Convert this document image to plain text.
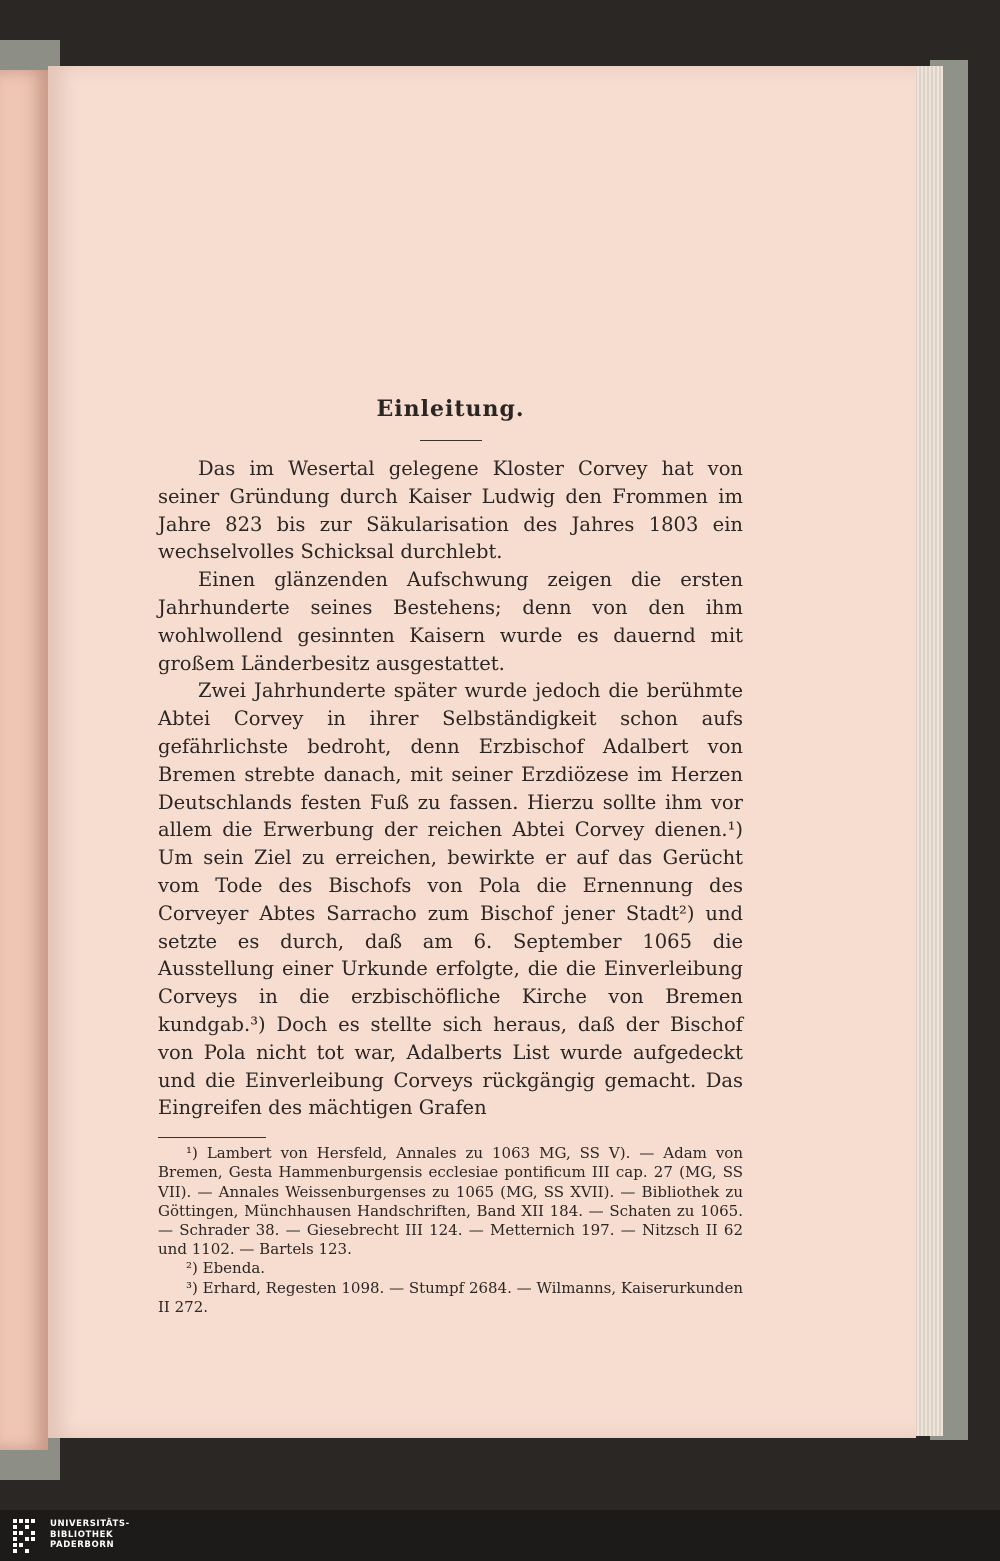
Einleitung.

Das im Wesertal gelegene Kloster Corvey hat von seiner Gründung durch Kaiser Ludwig den Frommen im Jahre 823 bis zur Säkularisation des Jahres 1803 ein wechselvolles Schicksal durchlebt.

Einen glänzenden Aufschwung zeigen die ersten Jahrhunderte seines Bestehens; denn von den ihm wohlwollend gesinnten Kaisern wurde es dauernd mit großem Länderbesitz ausgestattet.

Zwei Jahrhunderte später wurde jedoch die berühmte Abtei Corvey in ihrer Selbständigkeit schon aufs gefährlichste bedroht, denn Erzbischof Adalbert von Bremen strebte danach, mit seiner Erzdiözese im Herzen Deutschlands festen Fuß zu fassen. Hierzu sollte ihm vor allem die Erwerbung der reichen Abtei Corvey dienen.¹) Um sein Ziel zu erreichen, bewirkte er auf das Gerücht vom Tode des Bischofs von Pola die Ernennung des Corveyer Abtes Sarracho zum Bischof jener Stadt²) und setzte es durch, daß am 6. September 1065 die Ausstellung einer Urkunde erfolgte, die die Einverleibung Corveys in die erzbischöfliche Kirche von Bremen kundgab.³) Doch es stellte sich heraus, daß der Bischof von Pola nicht tot war, Adalberts List wurde aufgedeckt und die Einverleibung Corveys rückgängig gemacht. Das Eingreifen des mächtigen Grafen

¹) Lambert von Hersfeld, Annales zu 1063 MG, SS V). — Adam von Bremen, Gesta Hammenburgensis ecclesiae pontificum III cap. 27 (MG, SS VII). — Annales Weissenburgenses zu 1065 (MG, SS XVII). — Bibliothek zu Göttingen, Münchhausen Handschriften, Band XII 184. — Schaten zu 1065. — Schrader 38. — Giesebrecht III 124. — Metternich 197. — Nitzsch II 62 und 1102. — Bartels 123.

²) Ebenda.

³) Erhard, Regesten 1098. — Stumpf 2684. — Wilmanns, Kaiserurkunden II 272.

UNIVERSITÄTS-
BIBLIOTHEK
PADERBORN
